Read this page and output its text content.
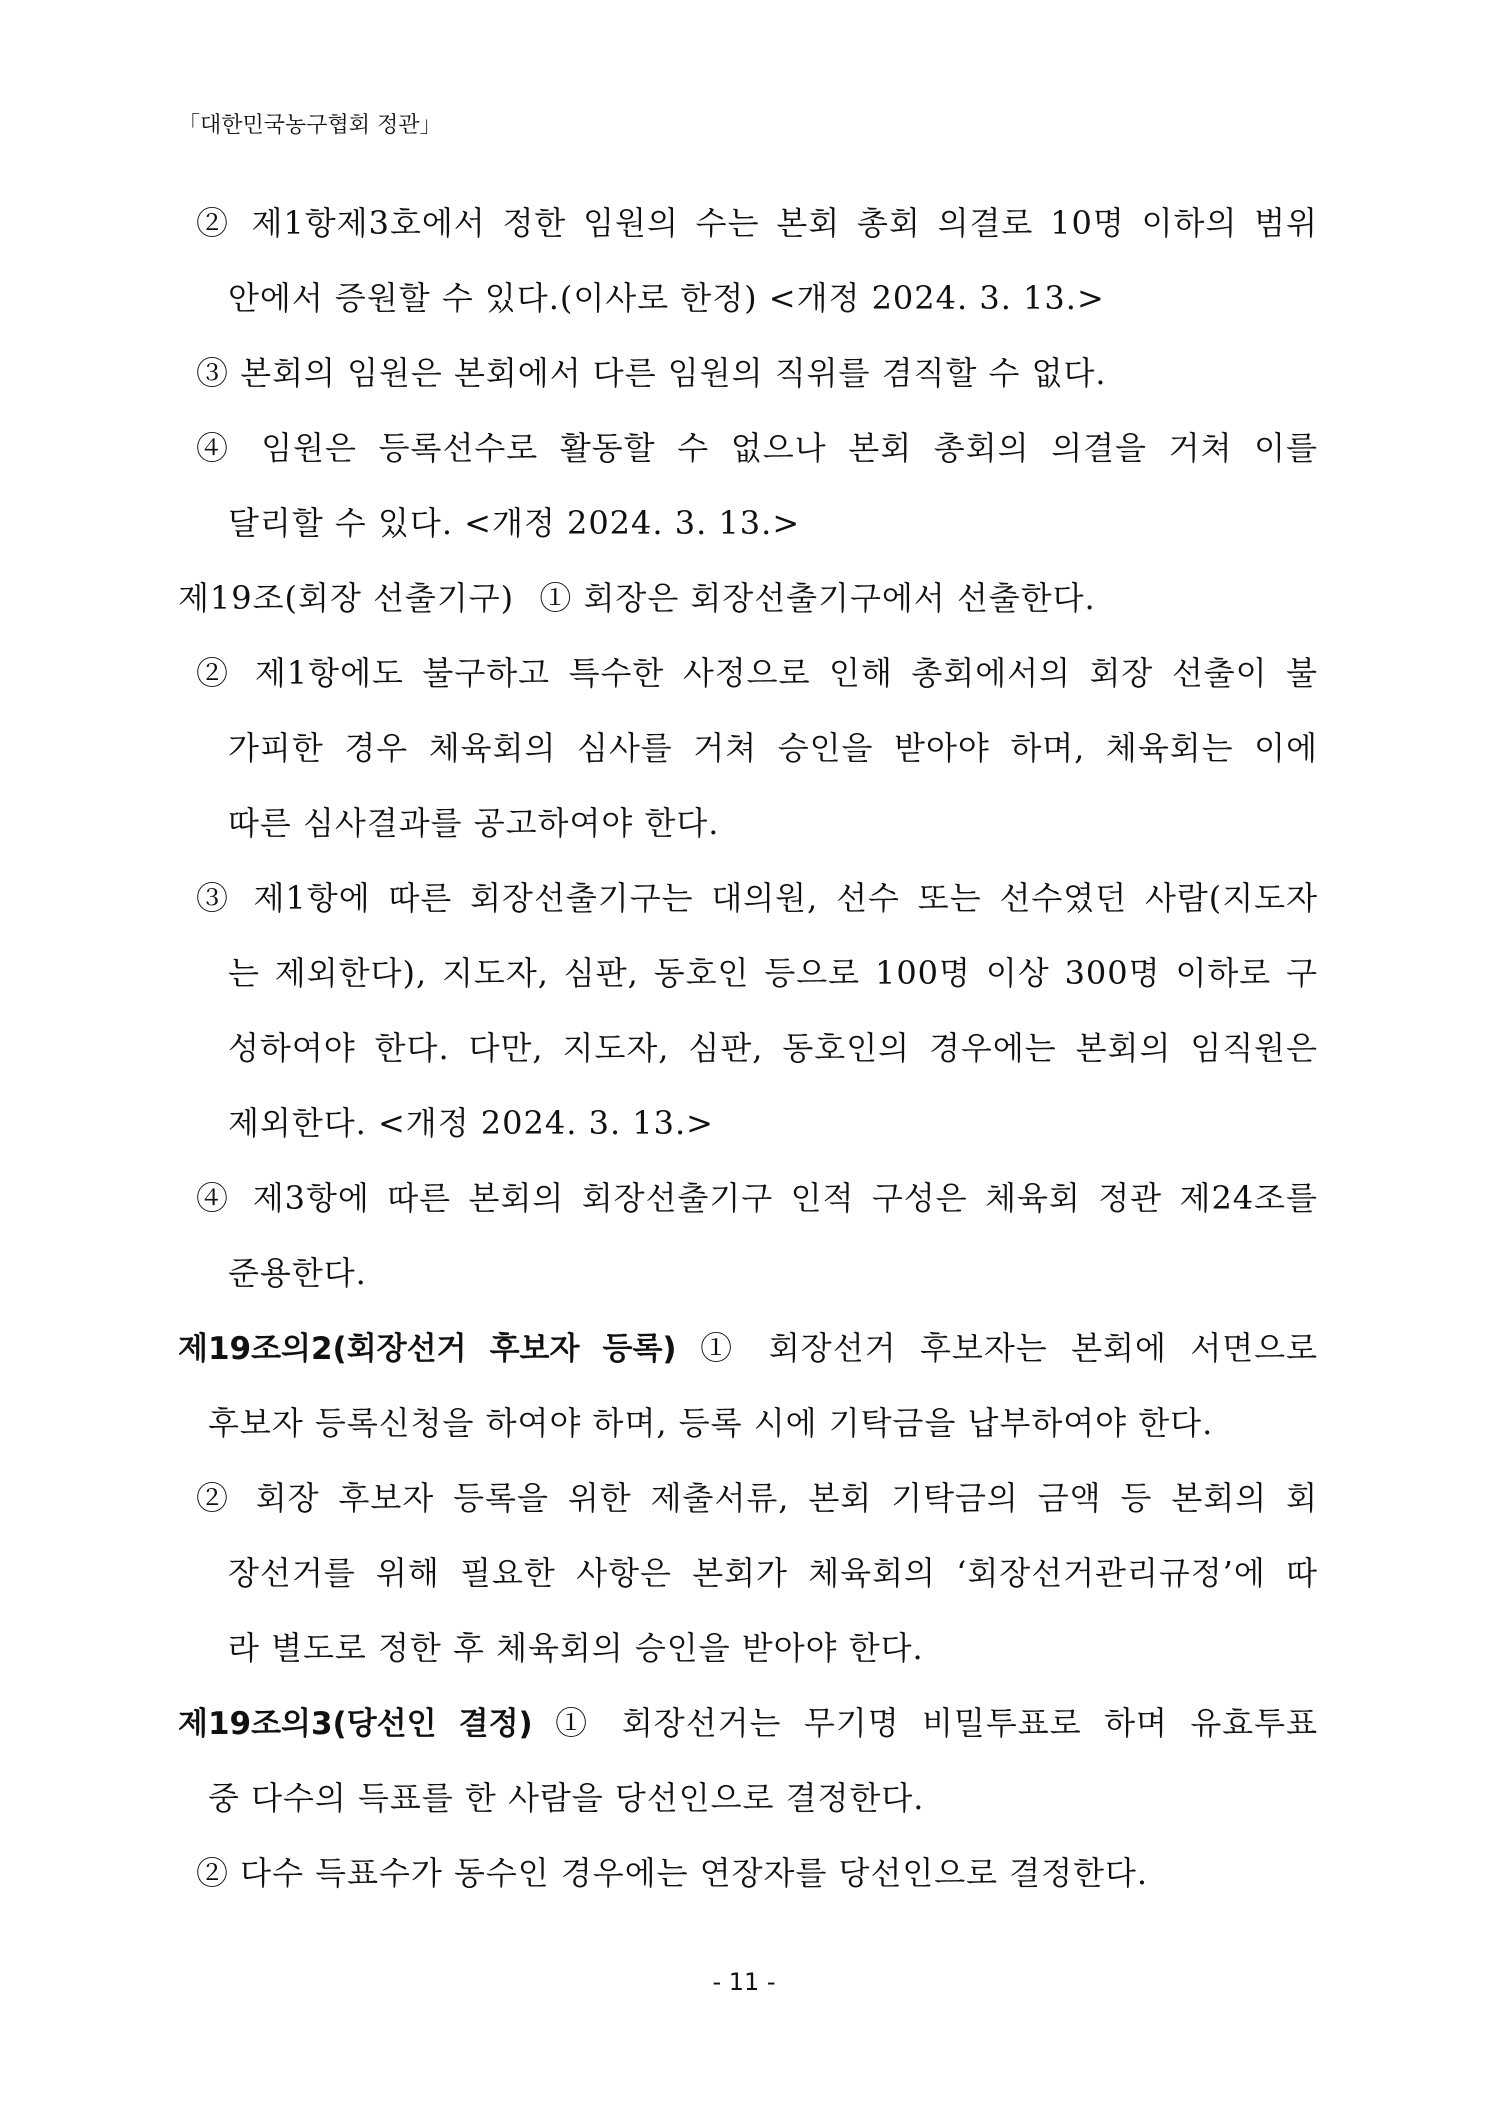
「대한민국농구협회 정관」
② 제1항제3호에서 정한 임원의 수는 본회 총회 의결로 10명 이하의 범위
안에서 증원할 수 있다.(이사로 한정) <개정 2024. 3. 13.>
③ 본회의 임원은 본회에서 다른 임원의 직위를 겸직할 수 없다.
④ 임원은 등록선수로 활동할 수 없으나 본회 총회의 의결을 거쳐 이를
달리할 수 있다. <개정 2024. 3. 13.>
제19조(회장 선출기구) ① 회장은 회장선출기구에서 선출한다.
② 제1항에도 불구하고 특수한 사정으로 인해 총회에서의 회장 선출이 불
가피한 경우 체육회의 심사를 거쳐 승인을 받아야 하며, 체육회는 이에
따른 심사결과를 공고하여야 한다.
③ 제1항에 따른 회장선출기구는 대의원, 선수 또는 선수였던 사람(지도자
는 제외한다), 지도자, 심판, 동호인 등으로 100명 이상 300명 이하로 구
성하여야 한다. 다만, 지도자, 심판, 동호인의 경우에는 본회의 임직원은
제외한다. <개정 2024. 3. 13.>
④ 제3항에 따른 본회의 회장선출기구 인적 구성은 체육회 정관 제24조를
준용한다.
제19조의2(회장선거 후보자 등록) ① 회장선거 후보자는 본회에 서면으로
후보자 등록신청을 하여야 하며, 등록 시에 기탁금을 납부하여야 한다.
② 회장 후보자 등록을 위한 제출서류, 본회 기탁금의 금액 등 본회의 회
장선거를 위해 필요한 사항은 본회가 체육회의 ‘회장선거관리규정’에 따
라 별도로 정한 후 체육회의 승인을 받아야 한다.
제19조의3(당선인 결정) ① 회장선거는 무기명 비밀투표로 하며 유효투표
중 다수의 득표를 한 사람을 당선인으로 결정한다.
② 다수 득표수가 동수인 경우에는 연장자를 당선인으로 결정한다.
- 11 -
